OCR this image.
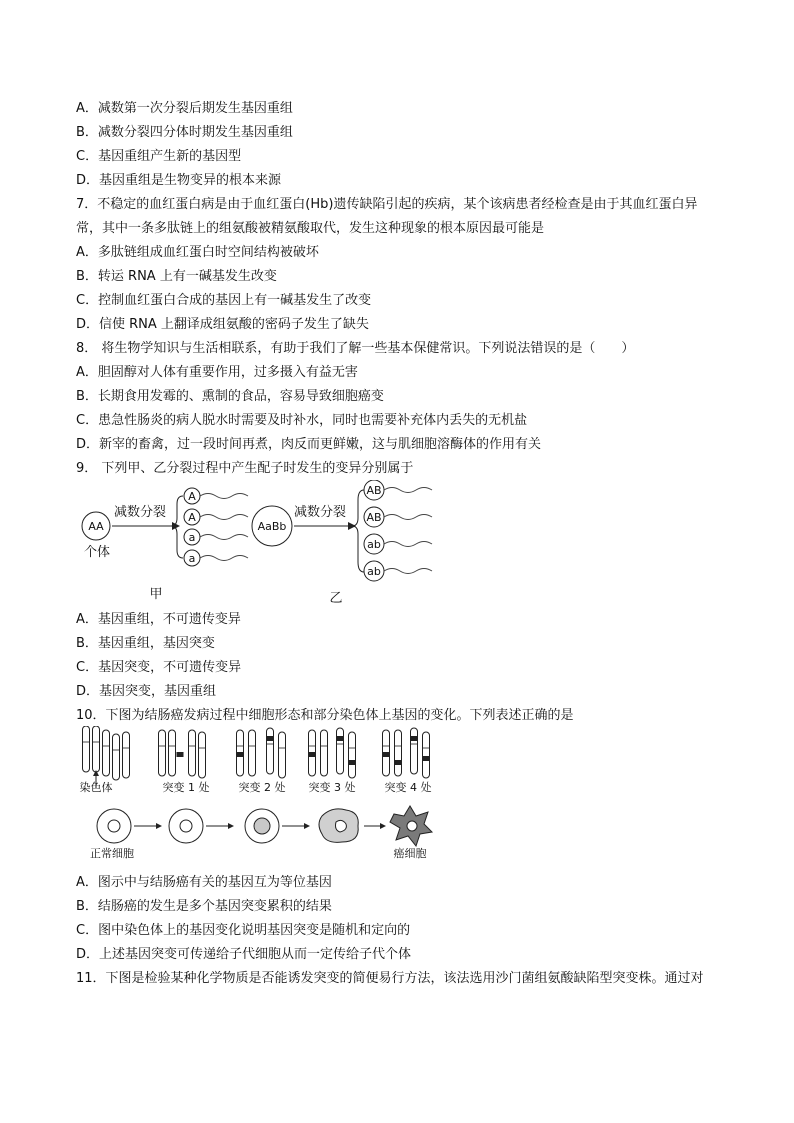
A．减数第一次分裂后期发生基因重组
B．减数分裂四分体时期发生基因重组
C．基因重组产生新的基因型
D．基因重组是生物变异的根本来源
7．不稳定的血红蛋白病是由于血红蛋白(Hb)遗传缺陷引起的疾病，某个该病患者经检查是由于其血红蛋白异
常，其中一条多肽链上的组氨酸被精氨酸取代，发生这种现象的根本原因最可能是
A．多肽链组成血红蛋白时空间结构被破坏
B．转运 RNA 上有一碱基发生改变
C．控制血红蛋白合成的基因上有一碱基发生了改变
D．信使 RNA 上翻译成组氨酸的密码子发生了缺失
8． 将生物学知识与生活相联系，有助于我们了解一些基本保健常识。下列说法错误的是（　　）
A．胆固醇对人体有重要作用，过多摄入有益无害
B．长期食用发霉的、熏制的食品，容易导致细胞癌变
C．患急性肠炎的病人脱水时需要及时补水，同时也需要补充体内丢失的无机盐
D．新宰的畜禽，过一段时间再煮，肉反而更鲜嫩，这与肌细胞溶酶体的作用有关
9． 下列甲、乙分裂过程中产生配子时发生的变异分别属于
AA
个体
减数分裂
A
A
a
a
甲
AaBb
减数分裂
AB
AB
ab
ab
乙
A．基因重组，不可遗传变异
B．基因重组，基因突变
C．基因突变，不可遗传变异
D．基因突变，基因重组
10．下图为结肠癌发病过程中细胞形态和部分染色体上基因的变化。下列表述正确的是
染色体	突变 1 处	突变 2 处 突变 3 处	突变 4 处
正常细胞	癌细胞
A．图示中与结肠癌有关的基因互为等位基因
B．结肠癌的发生是多个基因突变累积的结果
C．图中染色体上的基因变化说明基因突变是随机和定向的
D．上述基因突变可传递给子代细胞从而一定传给子代个体
11．下图是检验某种化学物质是否能诱发突变的简便易行方法，该法选用沙门菌组氨酸缺陷型突变株。通过对
